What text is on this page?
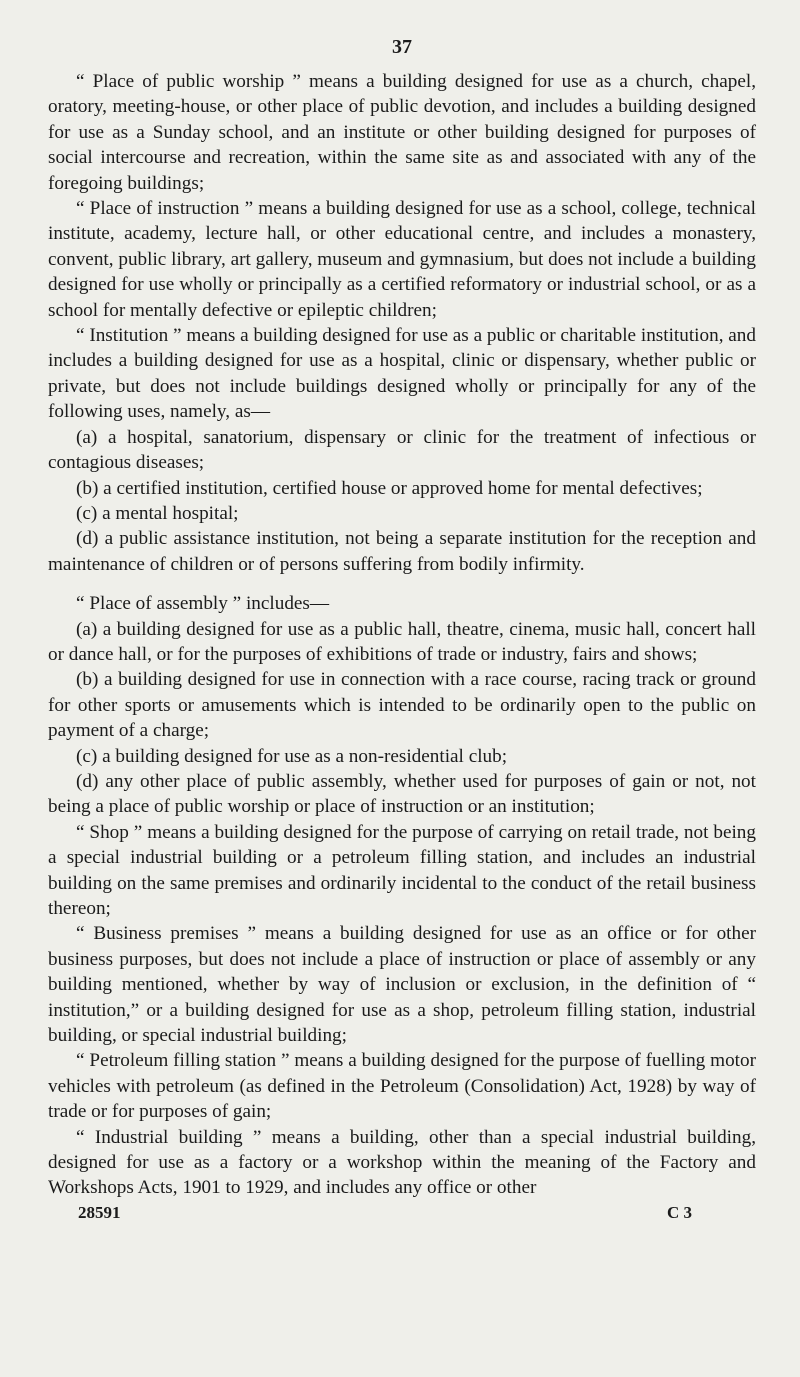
37

“ Place of public worship ” means a building designed for use as a church, chapel, oratory, meeting-house, or other place of public devotion, and includes a building designed for use as a Sunday school, and an institute or other building designed for purposes of social intercourse and recreation, within the same site as and associated with any of the foregoing buildings;

“ Place of instruction ” means a building designed for use as a school, college, technical institute, academy, lecture hall, or other educational centre, and includes a monastery, convent, public library, art gallery, museum and gymnasium, but does not include a building designed for use wholly or principally as a certified reformatory or industrial school, or as a school for mentally defective or epileptic children;

“ Institution ” means a building designed for use as a public or charitable institution, and includes a building designed for use as a hospital, clinic or dispensary, whether public or private, but does not include buildings designed wholly or principally for any of the following uses, namely, as—

(a) a hospital, sanatorium, dispensary or clinic for the treatment of infectious or contagious diseases;

(b) a certified institution, certified house or approved home for mental defectives;

(c) a mental hospital;

(d) a public assistance institution, not being a separate institution for the reception and maintenance of children or of persons suffering from bodily infirmity.

“ Place of assembly ” includes—

(a) a building designed for use as a public hall, theatre, cinema, music hall, concert hall or dance hall, or for the purposes of exhibitions of trade or industry, fairs and shows;

(b) a building designed for use in connection with a race course, racing track or ground for other sports or amusements which is intended to be ordinarily open to the public on payment of a charge;

(c) a building designed for use as a non-residential club;

(d) any other place of public assembly, whether used for purposes of gain or not, not being a place of public worship or place of instruction or an institution;

“ Shop ” means a building designed for the purpose of carrying on retail trade, not being a special industrial building or a petroleum filling station, and includes an industrial building on the same premises and ordinarily incidental to the conduct of the retail business thereon;

“ Business premises ” means a building designed for use as an office or for other business purposes, but does not include a place of instruction or place of assembly or any building mentioned, whether by way of inclusion or exclusion, in the definition of “ institution,” or a building designed for use as a shop, petroleum filling station, industrial building, or special industrial building;

“ Petroleum filling station ” means a building designed for the purpose of fuelling motor vehicles with petroleum (as defined in the Petroleum (Consolidation) Act, 1928) by way of trade or for purposes of gain;

“ Industrial building ” means a building, other than a special industrial building, designed for use as a factory or a workshop within the meaning of the Factory and Workshops Acts, 1901 to 1929, and includes any office or other

28591	C 3
